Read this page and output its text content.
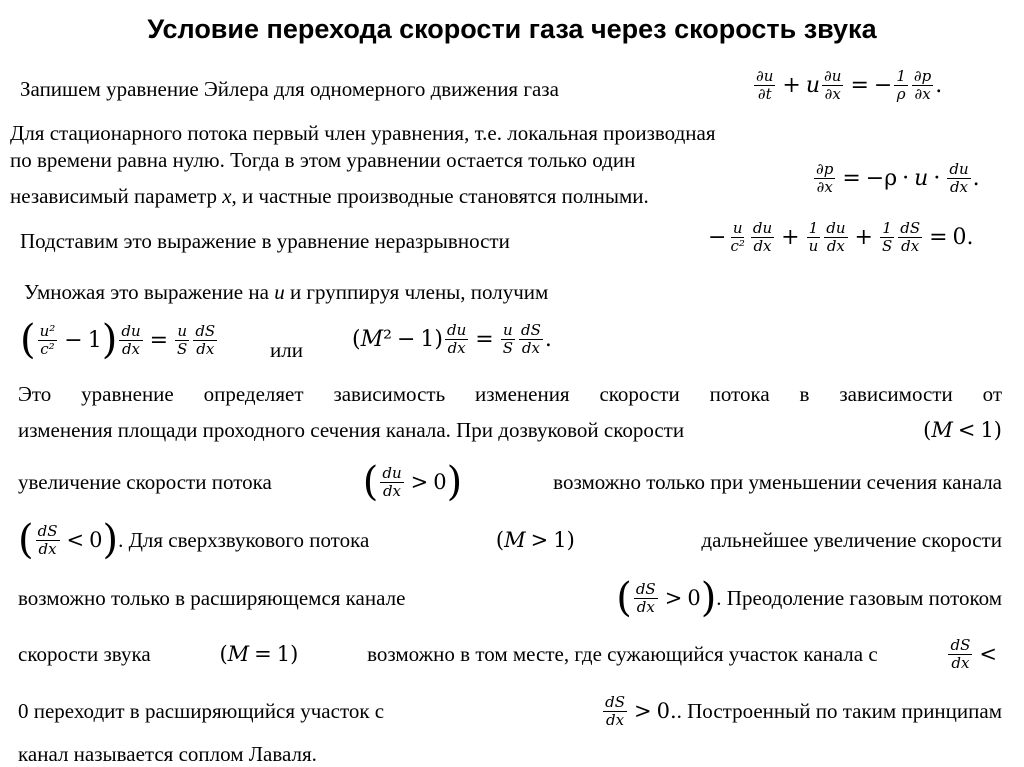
Условие перехода скорости газа через скорость звука
Запишем уравнение Эйлера для одномерного движения газа
∂u
∂t + u $\frac{\partial u}{\partial x}$ = − $\frac{1}{\rho} \partial p$
∂x .
Для стационарного потока первый член уравнения, т.е. локальная производная
по времени равна нулю. Тогда в этом уравнении остается только один
независимый параметр x, и частные производные становятся полными.
$\frac{\partial p}{\partial x} = -\rho \cdot u$ · du
dx .
Подставим это выражение в уравнение неразрывности	− $\frac{u}{\text{c²}}$ du
dx + $\frac{1}{u}$ du
dx + $\frac{1}{S} \frac{dS}{dx} = 0$.
Умножая это выражение на u и группируя члены, получим
( u²
c² − 1 ) $\frac{du}{dx} = \frac{u}{S}$ dS
dx	или ( M ² − 1 ) $\frac{du}{dx} = \frac{u}{S}$ dS
dx .
Это уравнение определяет зависимость изменения скорости потока в зависимости от
изменения площади проходного сечения канала. При дозвуковой скорости	( M < 1)
увеличение скорости потока ( du
dx > 0 )	возможно только при уменьшении сечения канала
( dS
dx < 0 ) . Для сверхзвукового потока	( M > 1)	дальнейшее увеличение скорости
возможно только в расширяющемся канале	( dS
dx > 0 ) . Преодоление газовым потоком
скорости звука	( M = 1)	возможно в том месте, где сужающийся участок канала с	dS
dx <
0 переходит в расширяющийся участок с	dS
dx > 0. . Построенный по таким принципам
канал называется соплом Лаваля.
